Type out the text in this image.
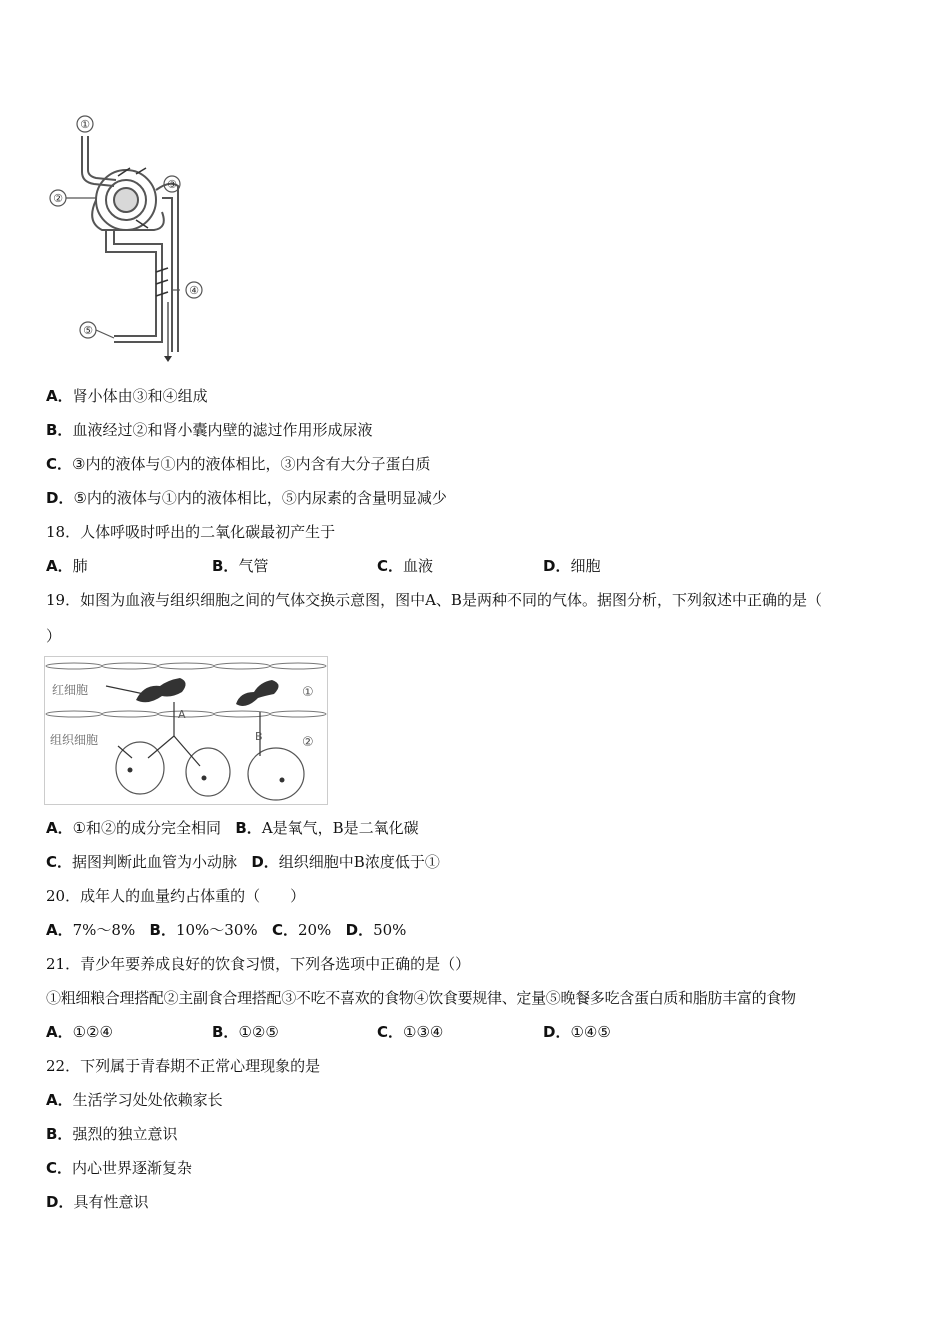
①
②
③
④
⑤
A．肾小体由③和④组成
B．血液经过②和肾小囊内壁的滤过作用形成尿液
C．③内的液体与①内的液体相比，③内含有大分子蛋白质
D．⑤内的液体与①内的液体相比，⑤内尿素的含量明显减少
18．人体呼吸时呼出的二氧化碳最初产生于
A．肺	B．气管	C．血液	D．细胞
19．如图为血液与组织细胞之间的气体交换示意图，图中A、B是两种不同的气体。据图分析，下列叙述中正确的是（
）
红细胞
组织细胞
A
B
①
②
A．①和②的成分完全相同 B．A是氧气，B是二氧化碳
C．据图判断此血管为小动脉 D．组织细胞中B浓度低于①
20．成年人的血量约占体重的（　　）
A．7%～8% B．10%～30% C．20% D．50%
21．青少年要养成良好的饮食习惯，下列各选项中正确的是（）
①粗细粮合理搭配②主副食合理搭配③不吃不喜欢的食物④饮食要规律、定量⑤晚餐多吃含蛋白质和脂肪丰富的食物
A．①②④	B．①②⑤	C．①③④	D．①④⑤
22．下列属于青春期不正常心理现象的是
A．生活学习处处依赖家长
B．强烈的独立意识
C．内心世界逐渐复杂
D．具有性意识
